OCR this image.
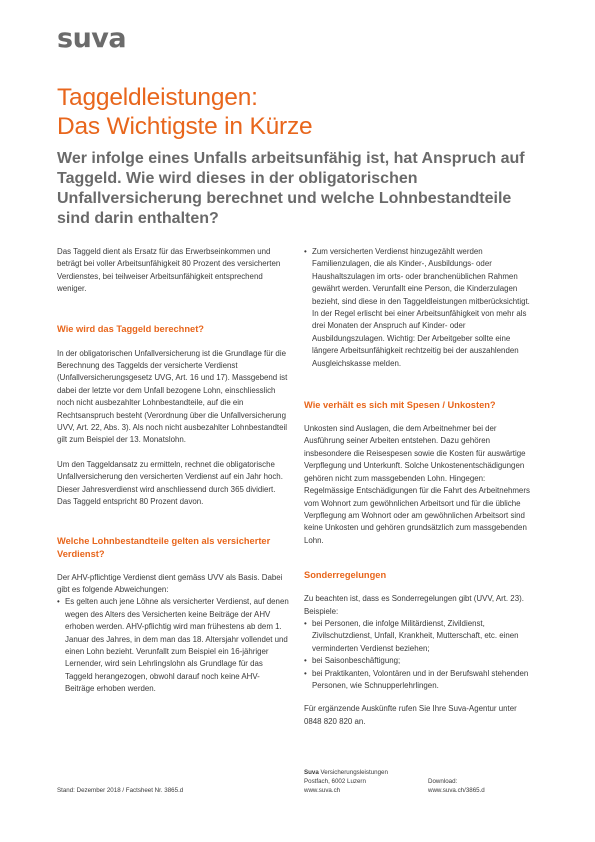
suva
Taggeldleistungen:
Das Wichtigste in Kürze

Wer infolge eines Unfalls arbeitsunfähig ist, hat Anspruch auf Taggeld. Wie wird dieses in der obligatorischen Unfallversicherung berechnet und welche Lohnbestandteile sind darin enthalten?

Das Taggeld dient als Ersatz für das Erwerbseinkommen und beträgt bei voller Arbeitsunfähigkeit 80 Prozent des versicherten Verdienstes, bei teilweiser Arbeitsunfähigkeit entsprechend weniger.

Wie wird das Taggeld berechnet?

In der obligatorischen Unfallversicherung ist die Grundlage für die Berechnung des Taggelds der versicherte Verdienst (Unfallversicherungsgesetz UVG, Art. 16 und 17). Massgebend ist dabei der letzte vor dem Unfall bezogene Lohn, einschliesslich noch nicht ausbezahlter Lohnbestandteile, auf die ein Rechtsanspruch besteht (Verordnung über die Unfallversicherung UVV, Art. 22, Abs. 3). Als noch nicht ausbezahlter Lohnbestandteil gilt zum Beispiel der 13. Monatslohn.

Um den Taggeldansatz zu ermitteln, rechnet die obligatorische Unfallversicherung den versicherten Verdienst auf ein Jahr hoch. Dieser Jahresverdienst wird anschliessend durch 365 dividiert. Das Taggeld entspricht 80 Prozent davon.

Welche Lohnbestandteile gelten als versicherter Verdienst?

Der AHV-pflichtige Verdienst dient gemäss UVV als Basis. Dabei gibt es folgende Abweichungen:

• Es gelten auch jene Löhne als versicherter Verdienst, auf denen wegen des Alters des Versicherten keine Beiträge der AHV erhoben werden. AHV-pflichtig wird man frühestens ab dem 1. Januar des Jahres, in dem man das 18. Altersjahr vollendet und einen Lohn bezieht. Verunfallt zum Beispiel ein 16-jähriger Lernender, wird sein Lehrlingslohn als Grundlage für das Taggeld herangezogen, obwohl darauf noch keine AHV-Beiträge erhoben werden.
• Zum versicherten Verdienst hinzugezählt werden Familienzulagen, die als Kinder-, Ausbildungs- oder Haushaltszulagen im orts- oder branchenüblichen Rahmen gewährt werden. Verunfallt eine Person, die Kinderzulagen bezieht, sind diese in den Taggeldleistungen mitberücksichtigt. In der Regel erlischt bei einer Arbeitsunfähigkeit von mehr als drei Monaten der Anspruch auf Kinder- oder Ausbildungszulagen. Wichtig: Der Arbeitgeber sollte eine längere Arbeitsunfähigkeit rechtzeitig bei der auszahlenden Ausgleichskasse melden.

Wie verhält es sich mit Spesen / Unkosten?

Unkosten sind Auslagen, die dem Arbeitnehmer bei der Ausführung seiner Arbeiten entstehen. Dazu gehören insbesondere die Reisespesen sowie die Kosten für auswärtige Verpflegung und Unterkunft. Solche Unkostenentschädigungen gehören nicht zum massgebenden Lohn. Hingegen: Regelmässige Entschädigungen für die Fahrt des Arbeitnehmers vom Wohnort zum gewöhnlichen Arbeitsort und für die übliche Verpflegung am Wohnort oder am gewöhnlichen Arbeitsort sind keine Unkosten und gehören grundsätzlich zum massgebenden Lohn.

Sonderregelungen

Zu beachten ist, dass es Sonderregelungen gibt (UVV, Art. 23). Beispiele:

• bei Personen, die infolge Militärdienst, Zivildienst, Zivilschutzdienst, Unfall, Krankheit, Mutterschaft, etc. einen verminderten Verdienst beziehen;
• bei Saisonbeschäftigung;
• bei Praktikanten, Volontären und in der Berufswahl stehenden Personen, wie Schnupperlehrlingen.

Für ergänzende Auskünfte rufen Sie Ihre Suva-Agentur unter 0848 820 820 an.

Stand: Dezember 2018 / Factsheet Nr. 3865.d
Suva Versicherungsleistungen
Postfach, 6002 Luzern
www.suva.ch
Download:
www.suva.ch/3865.d
